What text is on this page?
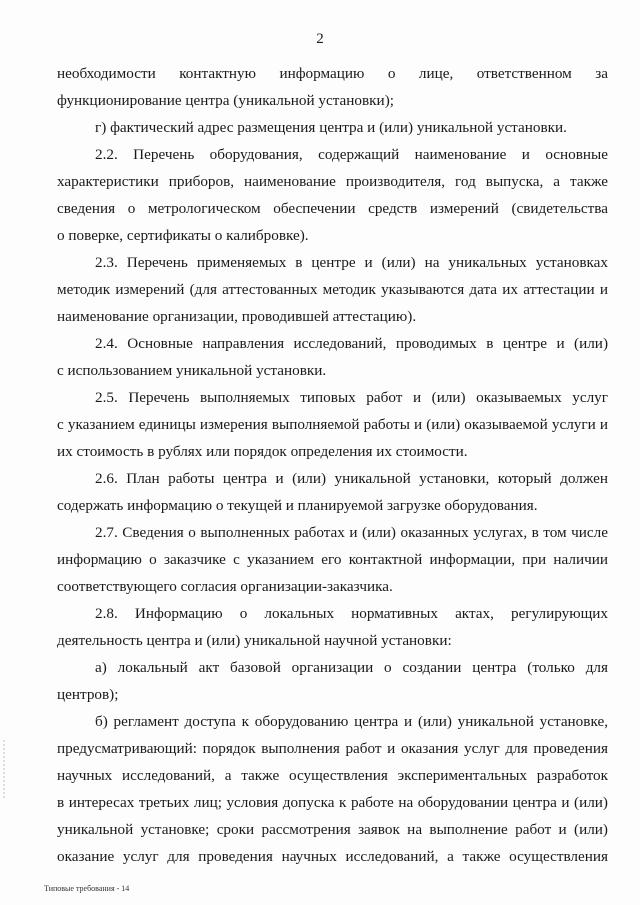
2
необходимости контактную информацию о лице, ответственном за
функционирование центра (уникальной установки);
г) фактический адрес размещения центра и (или) уникальной установки.
2.2. Перечень оборудования, содержащий наименование и основные
характеристики приборов, наименование производителя, год выпуска, а также
сведения о метрологическом обеспечении средств измерений (свидетельства
о поверке, сертификаты о калибровке).
2.3. Перечень применяемых в центре и (или) на уникальных установках
методик измерений (для аттестованных методик указываются дата их аттестации и
наименование организации, проводившей аттестацию).
2.4. Основные направления исследований, проводимых в центре и (или)
с использованием уникальной установки.
2.5. Перечень выполняемых типовых работ и (или) оказываемых услуг
с указанием единицы измерения выполняемой работы и (или) оказываемой услуги и
их стоимость в рублях или порядок определения их стоимости.
2.6. План работы центра и (или) уникальной установки, который должен
содержать информацию о текущей и планируемой загрузке оборудования.
2.7. Сведения о выполненных работах и (или) оказанных услугах, в том числе
информацию о заказчике с указанием его контактной информации, при наличии
соответствующего согласия организации-заказчика.
2.8. Информацию о локальных нормативных актах, регулирующих
деятельность центра и (или) уникальной научной установки:
а) локальный акт базовой организации о создании центра (только для
центров);
б) регламент доступа к оборудованию центра и (или) уникальной установке,
предусматривающий: порядок выполнения работ и оказания услуг для проведения
научных исследований, а также осуществления экспериментальных разработок
в интересах третьих лиц; условия допуска к работе на оборудовании центра и (или)
уникальной установке; сроки рассмотрения заявок на выполнение работ и (или)
оказание услуг для проведения научных исследований, а также осуществления
Типовые требования - 14
